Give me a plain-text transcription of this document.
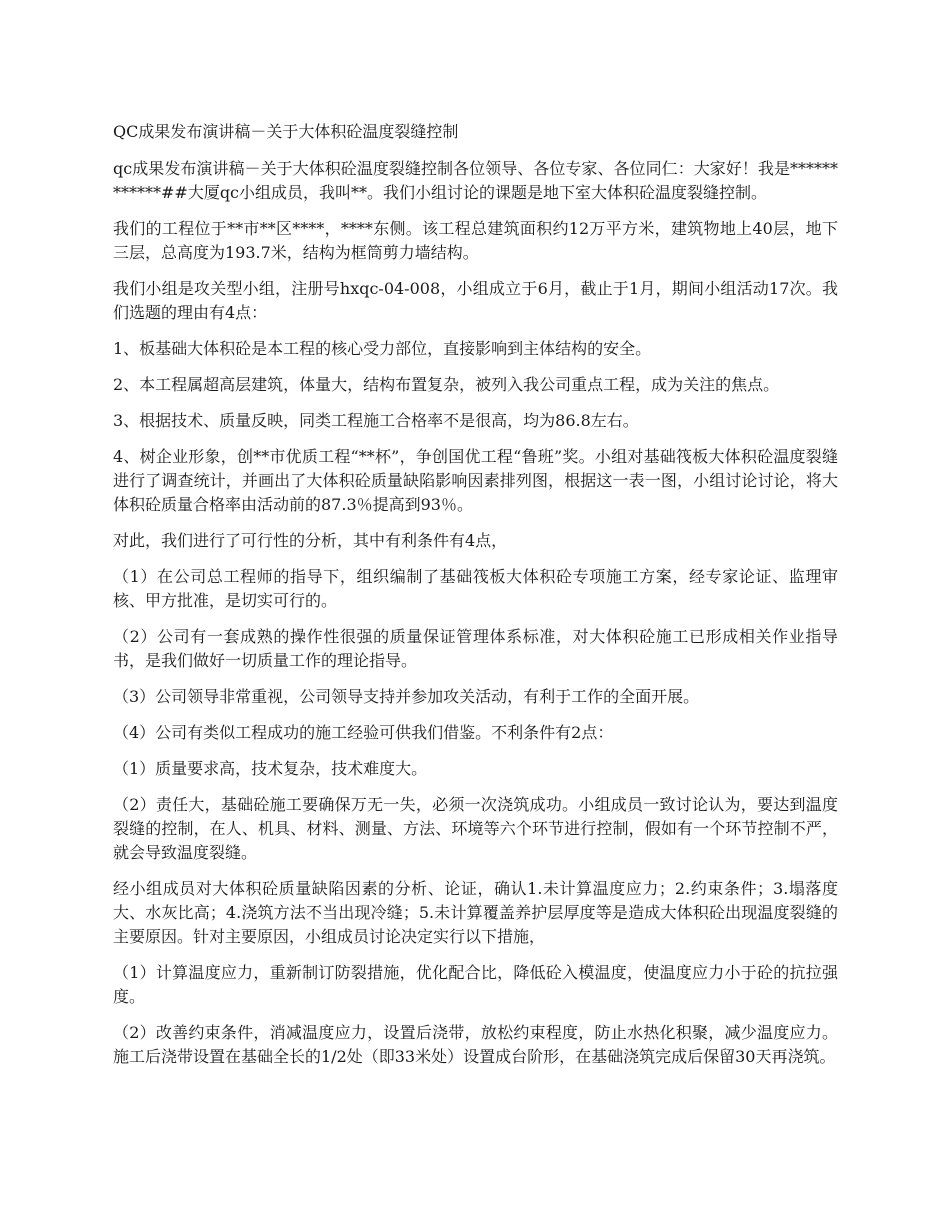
QC成果发布演讲稿－关于大体积砼温度裂缝控制

qc成果发布演讲稿－关于大体积砼温度裂缝控制各位领导、各位专家、各位同仁：大家好！我是************##大厦qc小组成员，我叫**。我们小组讨论的课题是地下室大体积砼温度裂缝控制。

我们的工程位于**市**区****，****东侧。该工程总建筑面积约12万平方米，建筑物地上40层，地下三层，总高度为193.7米，结构为框筒剪力墙结构。

我们小组是攻关型小组，注册号hxqc-04-008，小组成立于6月，截止于1月，期间小组活动17次。我们选题的理由有4点：

1、板基础大体积砼是本工程的核心受力部位，直接影响到主体结构的安全。

2、本工程属超高层建筑，体量大，结构布置复杂，被列入我公司重点工程，成为关注的焦点。

3、根据技术、质量反映，同类工程施工合格率不是很高，均为86.8左右。

4、树企业形象，创**市优质工程“**杯”，争创国优工程“鲁班”奖。小组对基础筏板大体积砼温度裂缝进行了调查统计，并画出了大体积砼质量缺陷影响因素排列图，根据这一表一图，小组讨论讨论，将大体积砼质量合格率由活动前的87.3％提高到93％。

对此，我们进行了可行性的分析，其中有利条件有4点，

（1）在公司总工程师的指导下，组织编制了基础筏板大体积砼专项施工方案，经专家论证、监理审核、甲方批准，是切实可行的。

（2）公司有一套成熟的操作性很强的质量保证管理体系标准，对大体积砼施工已形成相关作业指导书，是我们做好一切质量工作的理论指导。

（3）公司领导非常重视，公司领导支持并参加攻关活动，有利于工作的全面开展。

（4）公司有类似工程成功的施工经验可供我们借鉴。不利条件有2点：

（1）质量要求高，技术复杂，技术难度大。

（2）责任大，基础砼施工要确保万无一失，必须一次浇筑成功。小组成员一致讨论认为，要达到温度裂缝的控制，在人、机具、材料、测量、方法、环境等六个环节进行控制，假如有一个环节控制不严，就会导致温度裂缝。

经小组成员对大体积砼质量缺陷因素的分析、论证，确认1.未计算温度应力；2.约束条件；3.塌落度大、水灰比高；4.浇筑方法不当出现冷缝；5.未计算覆盖养护层厚度等是造成大体积砼出现温度裂缝的主要原因。针对主要原因，小组成员讨论决定实行以下措施，

（1）计算温度应力，重新制订防裂措施，优化配合比，降低砼入模温度，使温度应力小于砼的抗拉强度。

（2）改善约束条件，消减温度应力，设置后浇带，放松约束程度，防止水热化积聚，减少温度应力。施工后浇带设置在基础全长的1/2处（即33米处）设置成台阶形，在基础浇筑完成后保留30天再浇筑。
